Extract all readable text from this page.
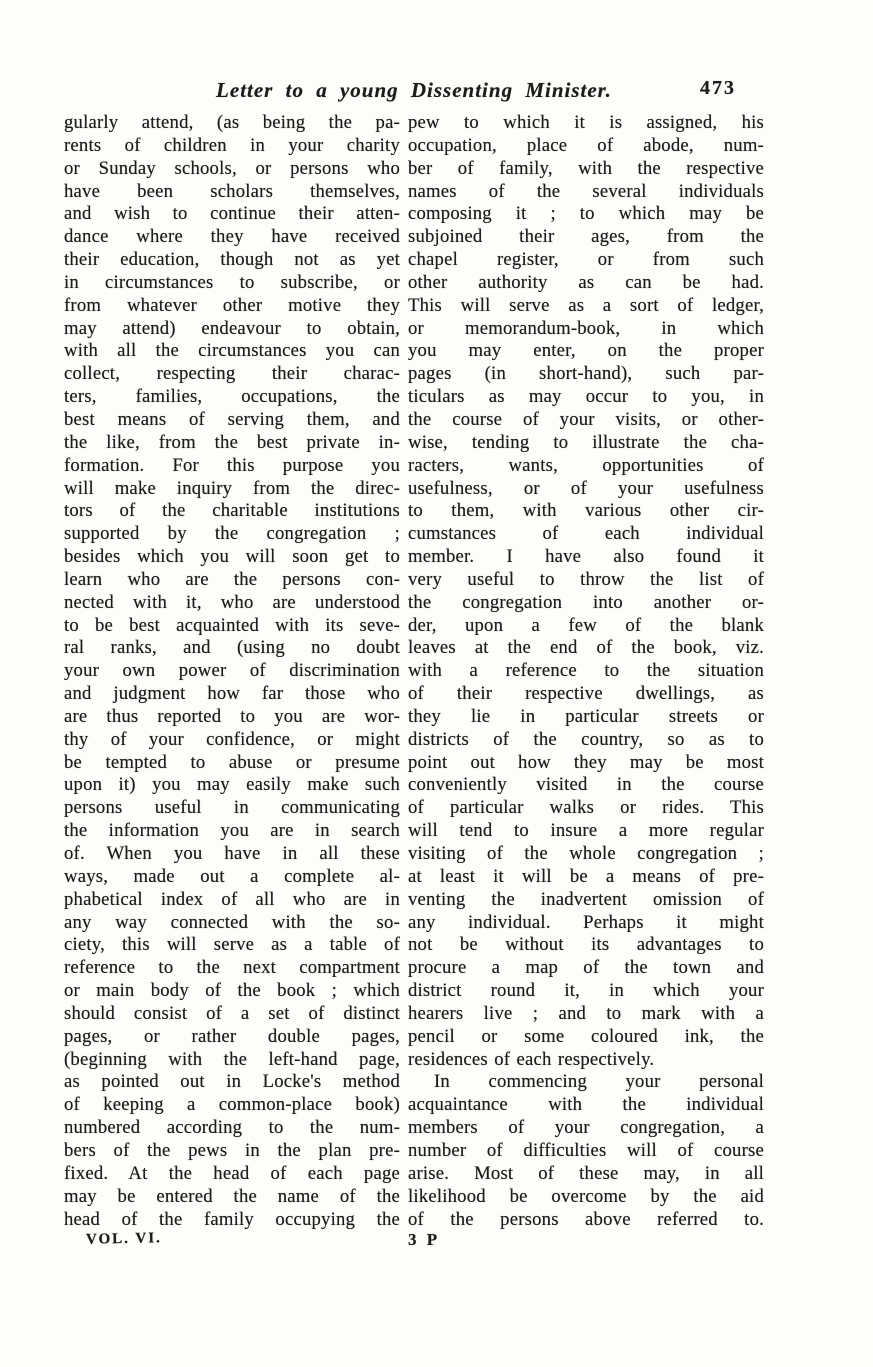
Letter to a young Dissenting Minister.	473
gularly attend, (as being the pa-
rents of children in your charity
or Sunday schools, or persons who
have been scholars themselves,
and wish to continue their atten-
dance where they have received
their education, though not as yet
in circumstances to subscribe, or
from whatever other motive they
may attend) endeavour to obtain,
with all the circumstances you can
collect, respecting their charac-
ters, families, occupations, the
best means of serving them, and
the like, from the best private in-
formation. For this purpose you
will make inquiry from the direc-
tors of the charitable institutions
supported by the congregation ;
besides which you will soon get to
learn who are the persons con-
nected with it, who are understood
to be best acquainted with its seve-
ral ranks, and (using no doubt
your own power of discrimination
and judgment how far those who
are thus reported to you are wor-
thy of your confidence, or might
be tempted to abuse or presume
upon it) you may easily make such
persons useful in communicating
the information you are in search
of. When you have in all these
ways, made out a complete al-
phabetical index of all who are in
any way connected with the so-
ciety, this will serve as a table of
reference to the next compartment
or main body of the book ; which
should consist of a set of distinct
pages, or rather double pages,
(beginning with the left-hand page,
as pointed out in Locke's method
of keeping a common-place book)
numbered according to the num-
bers of the pews in the plan pre-
fixed. At the head of each page
may be entered the name of the
head of the family occupying the
pew to which it is assigned, his
occupation, place of abode, num-
ber of family, with the respective
names of the several individuals
composing it ; to which may be
subjoined their ages, from the
chapel register, or from such
other authority as can be had.
This will serve as a sort of ledger,
or memorandum-book, in which
you may enter, on the proper
pages (in short-hand), such par-
ticulars as may occur to you, in
the course of your visits, or other-
wise, tending to illustrate the cha-
racters, wants, opportunities of
usefulness, or of your usefulness
to them, with various other cir-
cumstances of each individual
member. I have also found it
very useful to throw the list of
the congregation into another or-
der, upon a few of the blank
leaves at the end of the book, viz.
with a reference to the situation
of their respective dwellings, as
they lie in particular streets or
districts of the country, so as to
point out how they may be most
conveniently visited in the course
of particular walks or rides. This
will tend to insure a more regular
visiting of the whole congregation ;
at least it will be a means of pre-
venting the inadvertent omission of
any individual. Perhaps it might
not be without its advantages to
procure a map of the town and
district round it, in which your
hearers live ; and to mark with a
pencil or some coloured ink, the
residences of each respectively.
In commencing your personal
acquaintance with the individual
members of your congregation, a
number of difficulties will of course
arise. Most of these may, in all
likelihood be overcome by the aid
of the persons above referred to.
VOL. VI.	3 P
